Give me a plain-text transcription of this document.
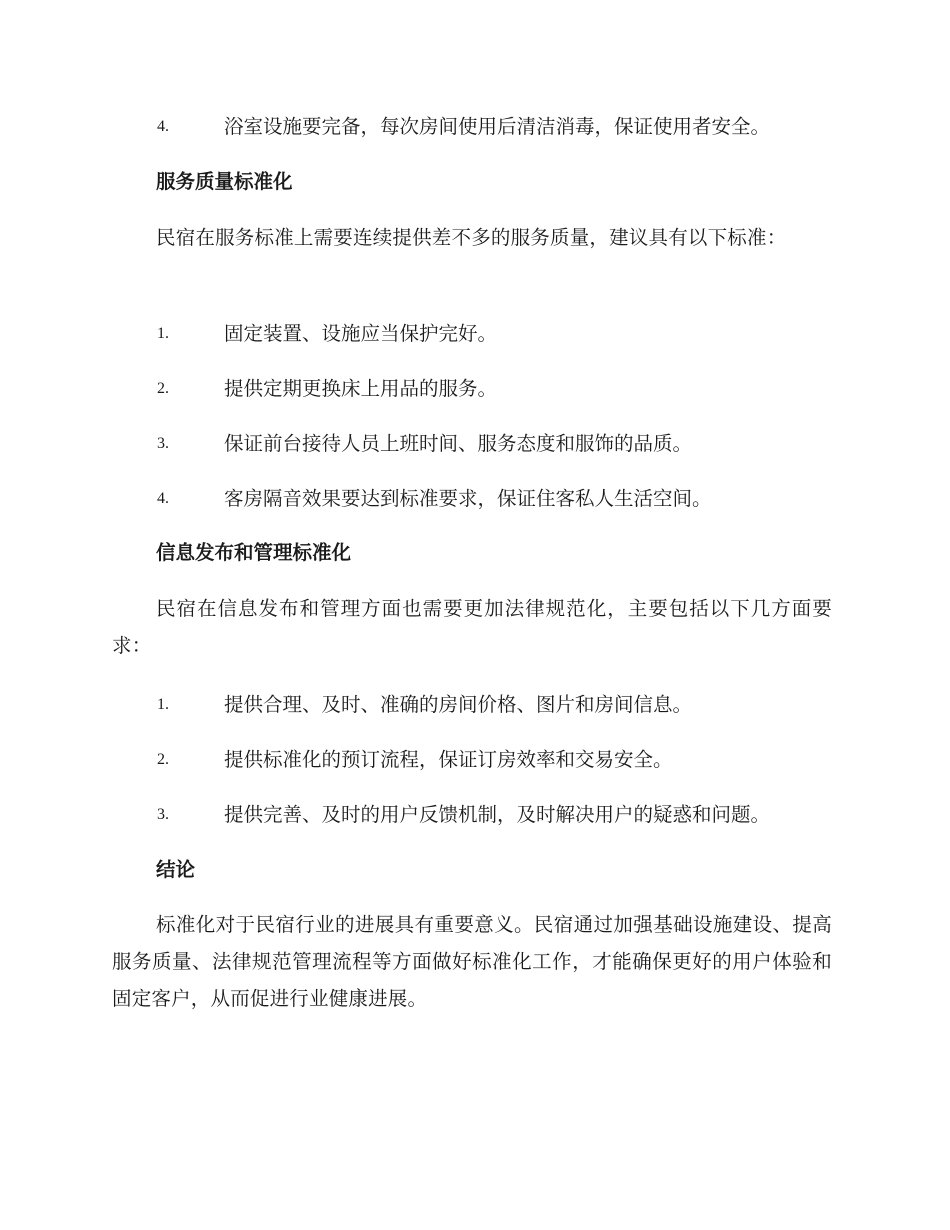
4.	浴室设施要完备，每次房间使用后清洁消毒，保证使用者安全。
服务质量标准化
民宿在服务标准上需要连续提供差不多的服务质量，建议具有以下标准：
1.	固定装置、设施应当保护完好。
2.	提供定期更换床上用品的服务。
3.	保证前台接待人员上班时间、服务态度和服饰的品质。
4.	客房隔音效果要达到标准要求，保证住客私人生活空间。
信息发布和管理标准化
民宿在信息发布和管理方面也需要更加法律规范化，主要包括以下几方面要求：
1.	提供合理、及时、准确的房间价格、图片和房间信息。
2.	提供标准化的预订流程，保证订房效率和交易安全。
3.	提供完善、及时的用户反馈机制，及时解决用户的疑惑和问题。
结论
标准化对于民宿行业的进展具有重要意义。民宿通过加强基础设施建设、提高服务质量、法律规范管理流程等方面做好标准化工作，才能确保更好的用户体验和固定客户，从而促进行业健康进展。
